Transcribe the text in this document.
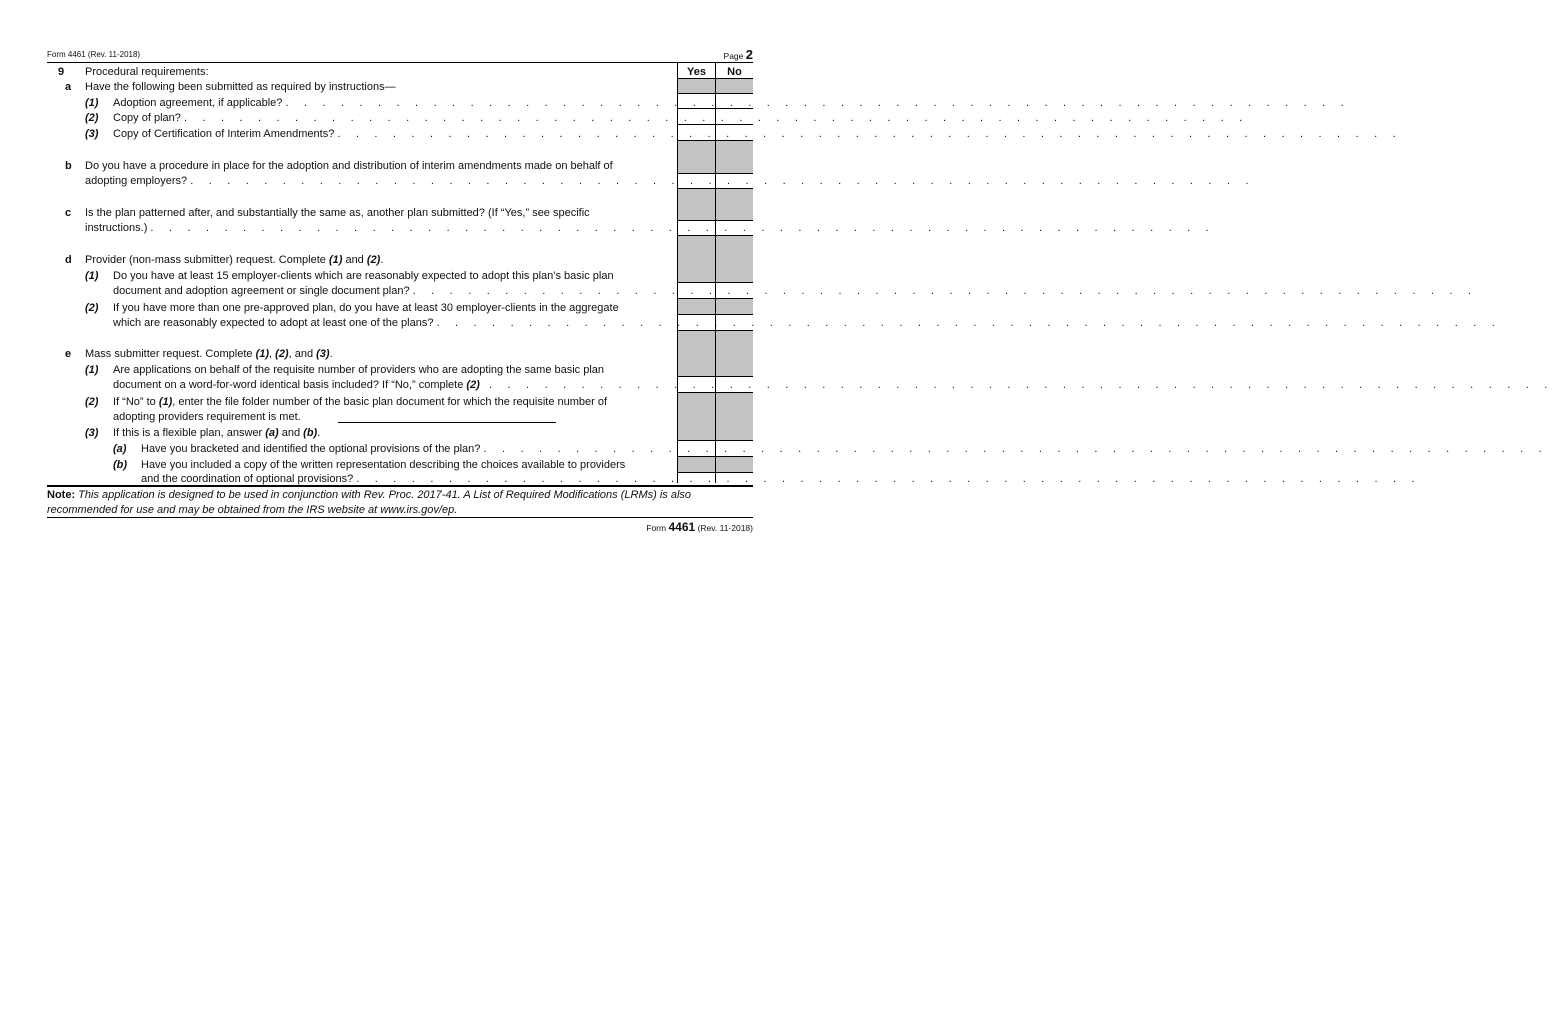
Form 4461 (Rev. 11-2018)	Page 2
Yes	No
9 Procedural requirements:
a Have the following been submitted as required by instructions—
(1) Adoption agreement, if applicable? . . . . . . . . . . . . . . . . . . . . . . . . . . . . . . . . . . . . . . . . . . . . . . . . . . . . . . . . . .
(2) Copy of plan? . . . . . . . . . . . . . . . . . . . . . . . . . . . . . . . . . . . . . . . . . . . . . . . . . . . . . . . . . .
(3) Copy of Certification of Interim Amendments? . . . . . . . . . . . . . . . . . . . . . . . . . . . . . . . . . . . . . . . . . . . . . . . . . . . . . . . . . .
b Do you have a procedure in place for the adoption and distribution of interim amendments made on behalf of
adopting employers? . . . . . . . . . . . . . . . . . . . . . . . . . . . . . . . . . . . . . . . . . . . . . . . . . . . . . . . . . .
c Is the plan patterned after, and substantially the same as, another plan submitted? (If “Yes,” see specific
instructions.) . . . . . . . . . . . . . . . . . . . . . . . . . . . . . . . . . . . . . . . . . . . . . . . . . . . . . . . . . .
d Provider (non-mass submitter) request. Complete (1) and (2).
(1) Do you have at least 15 employer-clients which are reasonably expected to adopt this plan’s basic plan
document and adoption agreement or single document plan? . . . . . . . . . . . . . . . . . . . . . . . . . . . . . . . . . . . . . . . . . . . . . . . . . . . . . . . . . .
(2) If you have more than one pre-approved plan, do you have at least 30 employer-clients in the aggregate
which are reasonably expected to adopt at least one of the plans? . . . . . . . . . . . . . . . . . . . . . . . . . . . . . . . . . . . . . . . . . . . . . . . . . . . . . . . . . .
e Mass submitter request. Complete (1), (2), and (3).
(1) Are applications on behalf of the requisite number of providers who are adopting the same basic plan
document on a word-for-word identical basis included? If “No,” complete (2) . . . . . . . . . . . . . . . . . . . . . . . . . . . . . . . . . . . . . . . . . . . . . . . . . . . . . . . . . .
(2) If “No” to (1), enter the file folder number of the basic plan document for which the requisite number of
adopting providers requirement is met.
(3) If this is a flexible plan, answer (a) and (b).
(a) Have you bracketed and identified the optional provisions of the plan? . . . . . . . . . . . . . . . . . . . . . . . . . . . . . . . . . . . . . . . . . . . . . . . . . . . . . . . . . .
(b) Have you included a copy of the written representation describing the choices available to providers
and the coordination of optional provisions? . . . . . . . . . . . . . . . . . . . . . . . . . . . . . . . . . . . . . . . . . . . . . . . . . . . . . . . . . .
Note: This application is designed to be used in conjunction with Rev. Proc. 2017-41. A List of Required Modifications (LRMs) is also
recommended for use and may be obtained from the IRS website at www.irs.gov/ep.
Form 4461 (Rev. 11-2018)
